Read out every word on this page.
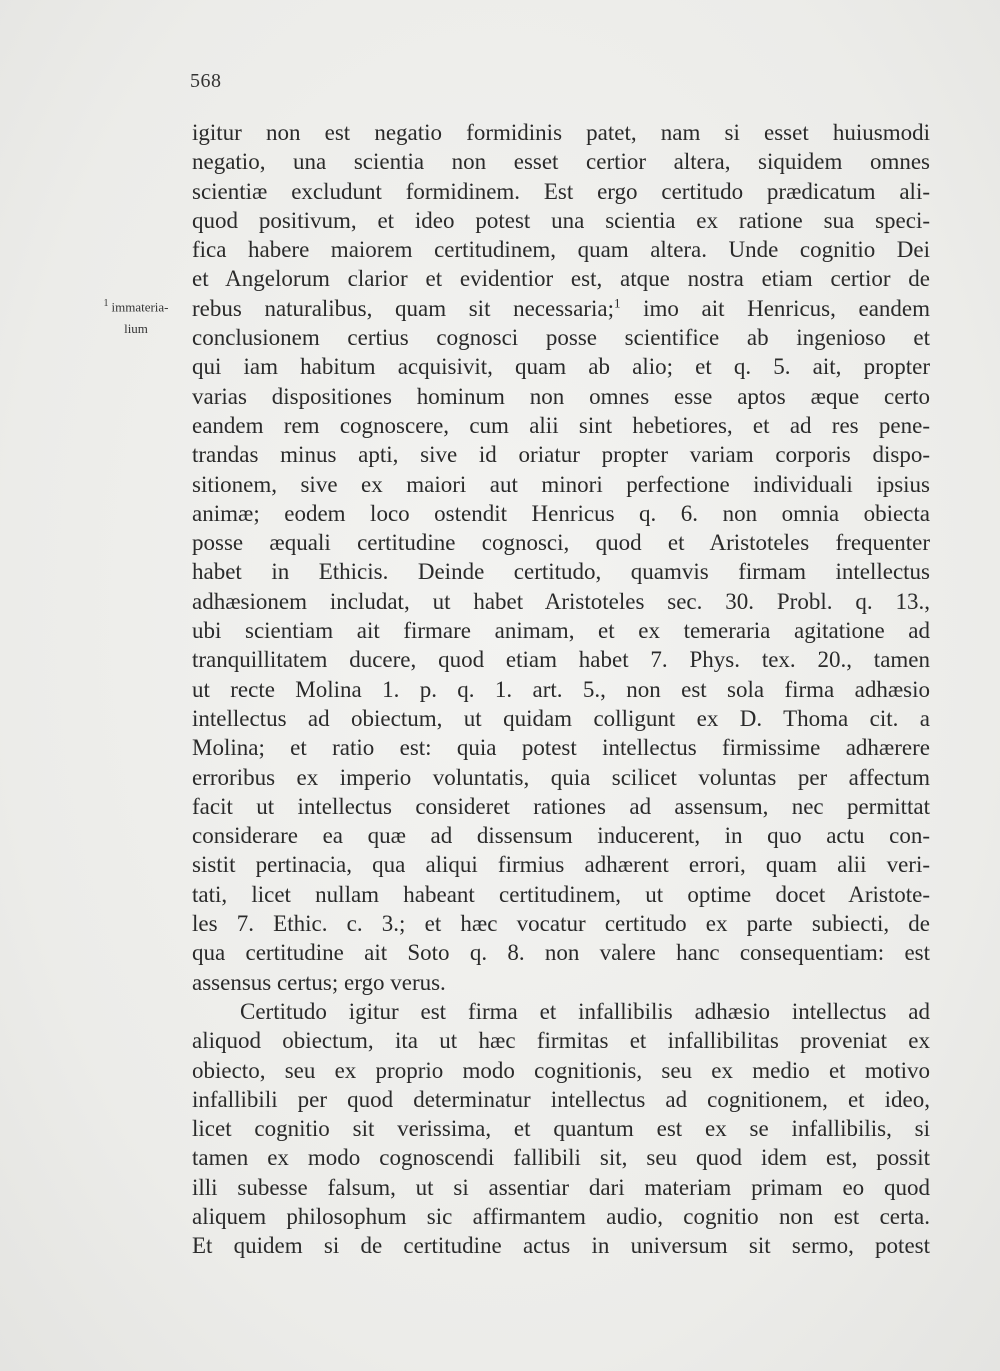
568
$^1$ immateria-
lium
igitur non est negatio formidinis patet, nam si esset huiusmodi
negatio, una scientia non esset certior altera, siquidem omnes
scientiæ excludunt formidinem. Est ergo certitudo prædicatum ali-
quod positivum, et ideo potest una scientia ex ratione sua speci-
fica habere maiorem certitudinem, quam altera. Unde cognitio Dei
et Angelorum clarior et evidentior est, atque nostra etiam certior de
rebus naturalibus, quam sit necessaria;$^1$ imo ait Henricus, eandem
conclusionem certius cognosci posse scientifice ab ingenioso et
qui iam habitum acquisivit, quam ab alio; et q. 5. ait, propter
varias dispositiones hominum non omnes esse aptos æque certo
eandem rem cognoscere, cum alii sint hebetiores, et ad res pene-
trandas minus apti, sive id oriatur propter variam corporis dispo-
sitionem, sive ex maiori aut minori perfectione individuali ipsius
animæ; eodem loco ostendit Henricus q. 6. non omnia obiecta
posse æquali certitudine cognosci, quod et Aristoteles frequenter
habet in Ethicis. Deinde certitudo, quamvis firmam intellectus
adhæsionem includat, ut habet Aristoteles sec. 30. Probl. q. 13.,
ubi scientiam ait firmare animam, et ex temeraria agitatione ad
tranquillitatem ducere, quod etiam habet 7. Phys. tex. 20., tamen
ut recte Molina 1. p. q. 1. art. 5., non est sola firma adhæsio
intellectus ad obiectum, ut quidam colligunt ex D. Thoma cit. a
Molina; et ratio est: quia potest intellectus firmissime adhærere
erroribus ex imperio voluntatis, quia scilicet voluntas per affectum
facit ut intellectus consideret rationes ad assensum, nec permittat
considerare ea quæ ad dissensum inducerent, in quo actu con-
sistit pertinacia, qua aliqui firmius adhærent errori, quam alii veri-
tati, licet nullam habeant certitudinem, ut optime docet Aristote-
les 7. Ethic. c. 3.; et hæc vocatur certitudo ex parte subiecti, de
qua certitudine ait Soto q. 8. non valere hanc consequentiam: est
assensus certus; ergo verus.
Certitudo igitur est firma et infallibilis adhæsio intellectus ad
aliquod obiectum, ita ut hæc firmitas et infallibilitas proveniat ex
obiecto, seu ex proprio modo cognitionis, seu ex medio et motivo
infallibili per quod determinatur intellectus ad cognitionem, et ideo,
licet cognitio sit verissima, et quantum est ex se infallibilis, si
tamen ex modo cognoscendi fallibili sit, seu quod idem est, possit
illi subesse falsum, ut si assentiar dari materiam primam eo quod
aliquem philosophum sic affirmantem audio, cognitio non est certa.
Et quidem si de certitudine actus in universum sit sermo, potest
